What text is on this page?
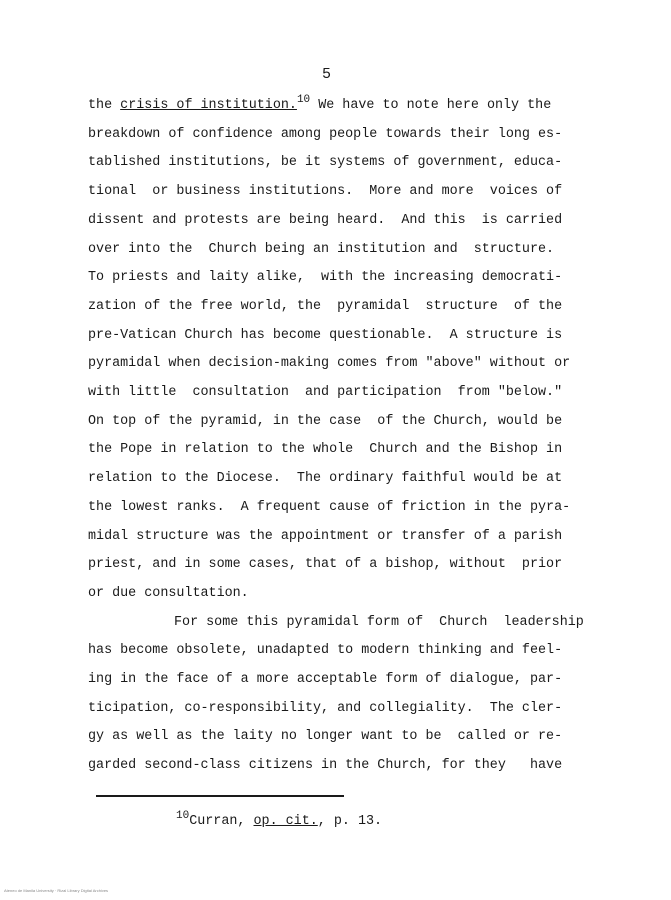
5
the crisis of institution.$^{10}$ We have to note here only the
breakdown of confidence among people towards their long es-
tablished institutions, be it systems of government, educa-
tional  or business institutions.  More and more  voices of
dissent and protests are being heard.  And this  is carried
over into the  Church being an institution and  structure.
To priests and laity alike,  with the increasing democrati-
zation of the free world, the  pyramidal  structure  of the
pre-Vatican Church has become questionable.  A structure is
pyramidal when decision-making comes from "above" without or
with little  consultation  and participation  from "below."
On top of the pyramid, in the case  of the Church, would be
the Pope in relation to the whole  Church and the Bishop in
relation to the Diocese.  The ordinary faithful would be at
the lowest ranks.  A frequent cause of friction in the pyra-
midal structure was the appointment or transfer of a parish
priest, and in some cases, that of a bishop, without  prior
or due consultation.
For some this pyramidal form of  Church  leadership
has become obsolete, unadapted to modern thinking and feel-
ing in the face of a more acceptable form of dialogue, par-
ticipation, co-responsibility, and collegiality.  The cler-
gy as well as the laity no longer want to be  called or re-
garded second-class citizens in the Church, for they   have
$^{10}$Curran, op. cit., p. 13.
Ateneo de Manila University · Rizal Library Digital Archives
